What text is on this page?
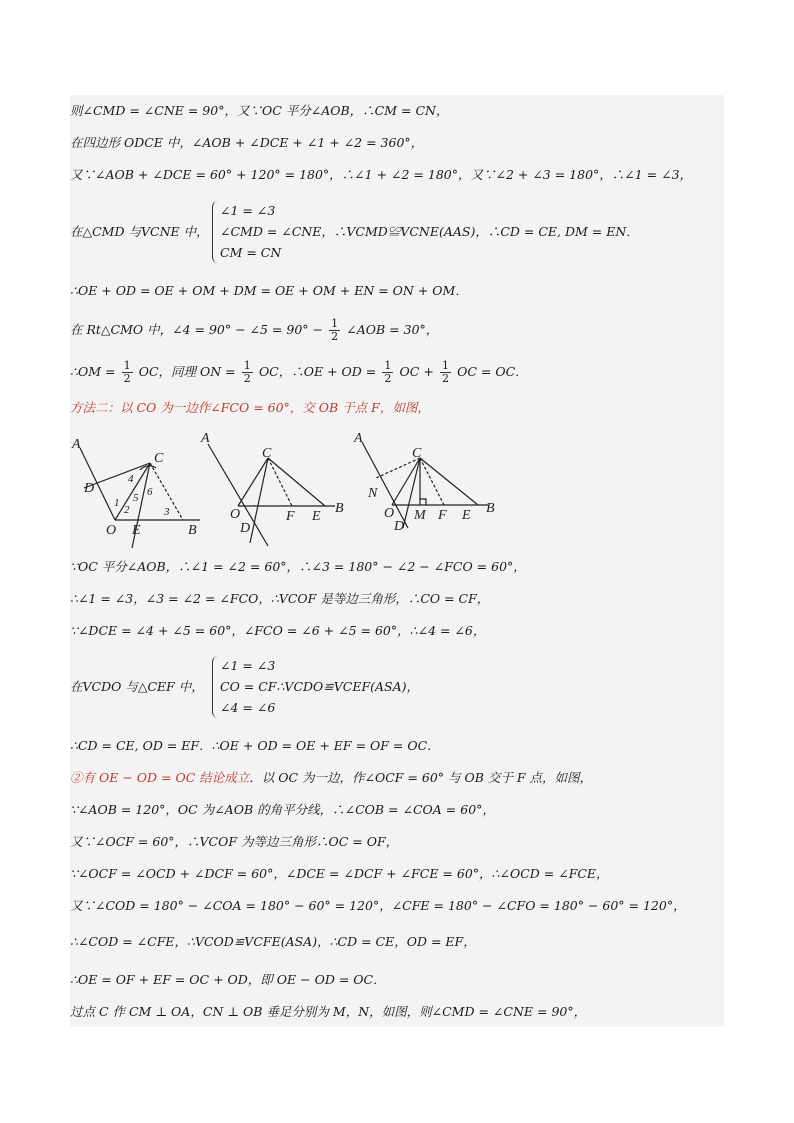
则∠CMD = ∠CNE = 90°，又∵OC 平分∠AOB，∴CM = CN，
在四边形 ODCE 中，∠AOB + ∠DCE + ∠1 + ∠2 = 360°，
又∵∠AOB + ∠DCE = 60° + 120° = 180°，∴∠1 + ∠2 = 180°，又∵∠2 + ∠3 = 180°，∴∠1 = ∠3，
在△CMD 与VCNE 中，
∠1 = ∠3
∠CMD = ∠CNE，∴VCMD≌VCNE(AAS)，∴CD = CE, DM = EN．
CM = CN
∴OE + OD = OE + OM + DM = OE + OM + EN = ON + OM．
在 Rt△CMO 中，∠4 = 90° − ∠5 = $90^\circ - \frac{1}{2}$ ∠AOB = 30°，
∴OM = $\frac{1}{2}$ OC，同理 ON = $\frac{1}{2}$ OC，∴OE + OD = $\frac{1}{2}$ OC + $\frac{1}{2}$ OC = OC．
方法二：以 CO 为一边作∠FCO = 60°，交 OB 于点 F，如图，
A
D
C
4
5 6
1
2	3
O E	B
A
C
O
D
F E
B
A
C
N
O
D
M F E B
∵OC 平分∠AOB，∴∠1 = ∠2 = 60°，∴∠3 = 180° − ∠2 − ∠FCO = 60°，
∴∠1 = ∠3，∠3 = ∠2 = ∠FCO，∴VCOF 是等边三角形，∴CO = CF，
∵∠DCE = ∠4 + ∠5 = 60°，∠FCO = ∠6 + ∠5 = 60°，∴∠4 = ∠6，
在VCDO 与△CEF 中，
∠1 = ∠3
CO = CF∴VCDO≌VCEF(ASA)，
∠4 = ∠6
∴CD = CE, OD = EF．∴OE + OD = OE + EF = OF = OC．
②有 OE − OD = OC 结论成立．以 OC 为一边，作∠OCF = 60° 与 OB 交于 F 点，如图，
∵∠AOB = 120°，OC 为∠AOB 的角平分线，∴∠COB = ∠COA = 60°，
又∵∠OCF = 60°，∴VCOF 为等边三角形∴OC = OF，
∵∠OCF = ∠OCD + ∠DCF = 60°，∠DCE = ∠DCF + ∠FCE = 60°，∴∠OCD = ∠FCE，
又∵∠COD = 180° − ∠COA = 180° − 60° = 120°，∠CFE = 180° − ∠CFO = 180° − 60° = 120°，
∴∠COD = ∠CFE，∴VCOD≌VCFE(ASA)，∴CD = CE，OD = EF，
∴OE = OF + EF = OC + OD，即 OE − OD = OC．
过点 C 作 CM ⊥ OA，CN ⊥ OB 垂足分别为 M，N，如图，则∠CMD = ∠CNE = 90°，
